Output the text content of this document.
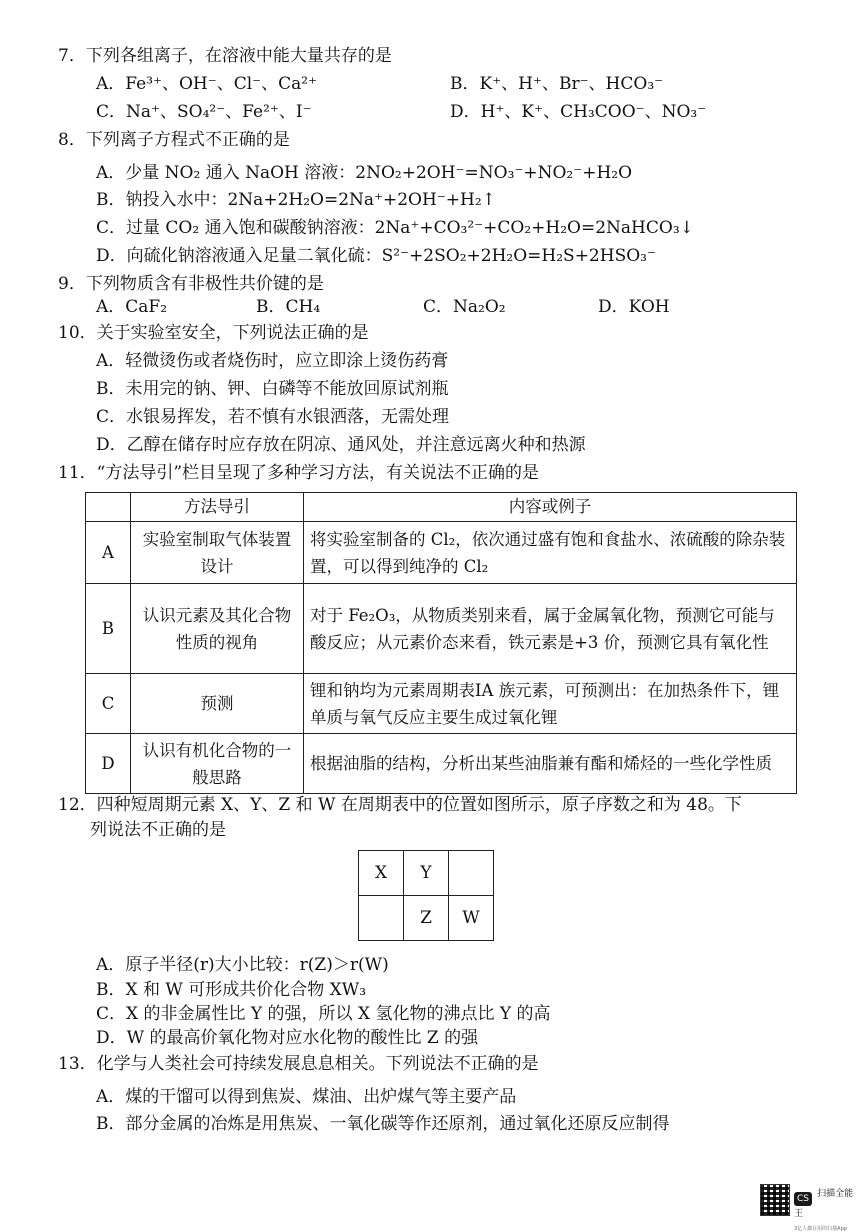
7．下列各组离子，在溶液中能大量共存的是
A．Fe³⁺、OH⁻、Cl⁻、Ca²⁺	B．K⁺、H⁺、Br⁻、HCO₃⁻
C．Na⁺、SO₄²⁻、Fe²⁺、I⁻	D．H⁺、K⁺、CH₃COO⁻、NO₃⁻
8．下列离子方程式不正确的是
A．少量 NO₂ 通入 NaOH 溶液：2NO₂+2OH⁻=NO₃⁻+NO₂⁻+H₂O
B．钠投入水中：2Na+2H₂O=2Na⁺+2OH⁻+H₂↑
C．过量 CO₂ 通入饱和碳酸钠溶液：2Na⁺+CO₃²⁻+CO₂+H₂O=2NaHCO₃↓
D．向硫化钠溶液通入足量二氧化硫：S²⁻+2SO₂+2H₂O=H₂S+2HSO₃⁻
9．下列物质含有非极性共价键的是
A．CaF₂	B．CH₄	C．Na₂O₂	D．KOH
10．关于实验室安全，下列说法正确的是
A．轻微烫伤或者烧伤时，应立即涂上烫伤药膏
B．未用完的钠、钾、白磷等不能放回原试剂瓶
C．水银易挥发，若不慎有水银洒落，无需处理
D．乙醇在储存时应存放在阴凉、通风处，并注意远离火种和热源
11．“方法导引”栏目呈现了多种学习方法，有关说法不正确的是
	方法导引	内容或例子
A	实验室制取气体装置设计	将实验室制备的 Cl₂，依次通过盛有饱和食盐水、浓硫酸的除杂装置，可以得到纯净的 Cl₂
B	认识元素及其化合物性质的视角	对于 Fe₂O₃，从物质类别来看，属于金属氧化物，预测它可能与酸反应；从元素价态来看，铁元素是+3 价，预测它具有氧化性
C	预测	锂和钠均为元素周期表ⅠA 族元素，可预测出：在加热条件下，锂单质与氧气反应主要生成过氧化锂
D	认识有机化合物的一般思路	根据油脂的结构，分析出某些油脂兼有酯和烯烃的一些化学性质
12．四种短周期元素 X、Y、Z 和 W 在周期表中的位置如图所示，原子序数之和为 48。下
列说法不正确的是
X	Y	
	Z	W
A．原子半径(r)大小比较：r(Z)＞r(W)
B．X 和 W 可形成共价化合物 XW₃
C．X 的非金属性比 Y 的强，所以 X 氢化物的沸点比 Y 的高
D．W 的最高价氧化物对应水化物的酸性比 Z 的强
13．化学与人类社会可持续发展息息相关。下列说法不正确的是
A．煤的干馏可以得到焦炭、煤油、出炉煤气等主要产品
B．部分金属的冶炼是用焦炭、一氧化碳等作还原剂，通过氧化还原反应制得
CS $^{扫描全能王}$
3亿人都在用的扫描App
